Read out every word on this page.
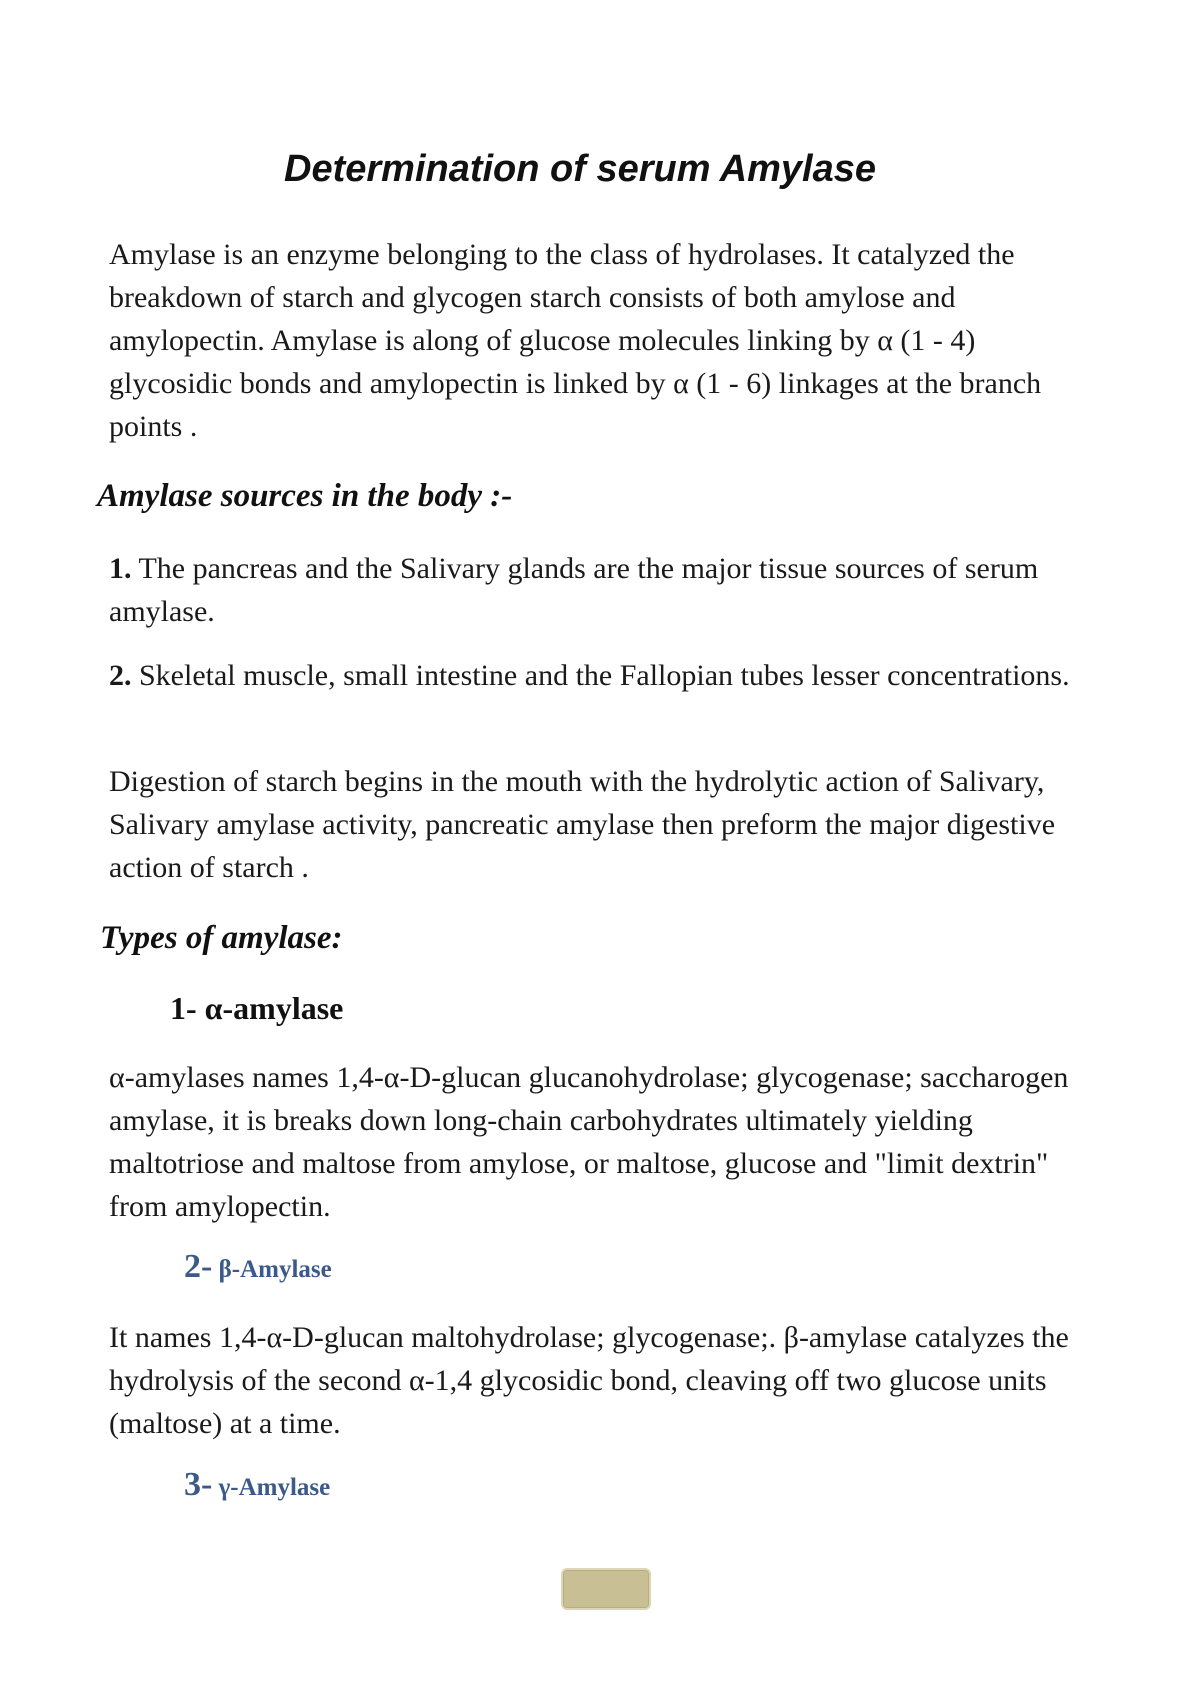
Determination of serum Amylase
Amylase is an enzyme belonging to the class of hydrolases. It catalyzed the breakdown of starch and glycogen starch consists of both amylose and amylopectin. Amylase is along of glucose molecules linking by α (1 - 4) glycosidic bonds and amylopectin is linked by α (1 - 6) linkages at the branch points .
Amylase sources in the body :-
1. The pancreas and the Salivary glands are the major tissue sources of serum amylase.
2. Skeletal muscle, small intestine and the Fallopian tubes lesser concentrations.
Digestion of starch begins in the mouth with the hydrolytic action of Salivary, Salivary amylase activity, pancreatic amylase then preform the major digestive action of starch .
Types of amylase:
1- α-amylase
α-amylases names 1,4-α-D-glucan glucanohydrolase; glycogenase; saccharogen amylase, it is breaks down long-chain carbohydrates ultimately yielding maltotriose and maltose from amylose, or maltose, glucose and "limit dextrin" from amylopectin.
2- β-Amylase
It names 1,4-α-D-glucan maltohydrolase; glycogenase;. β-amylase catalyzes the hydrolysis of the second α-1,4 glycosidic bond, cleaving off two glucose units (maltose) at a time.
3- γ-Amylase
